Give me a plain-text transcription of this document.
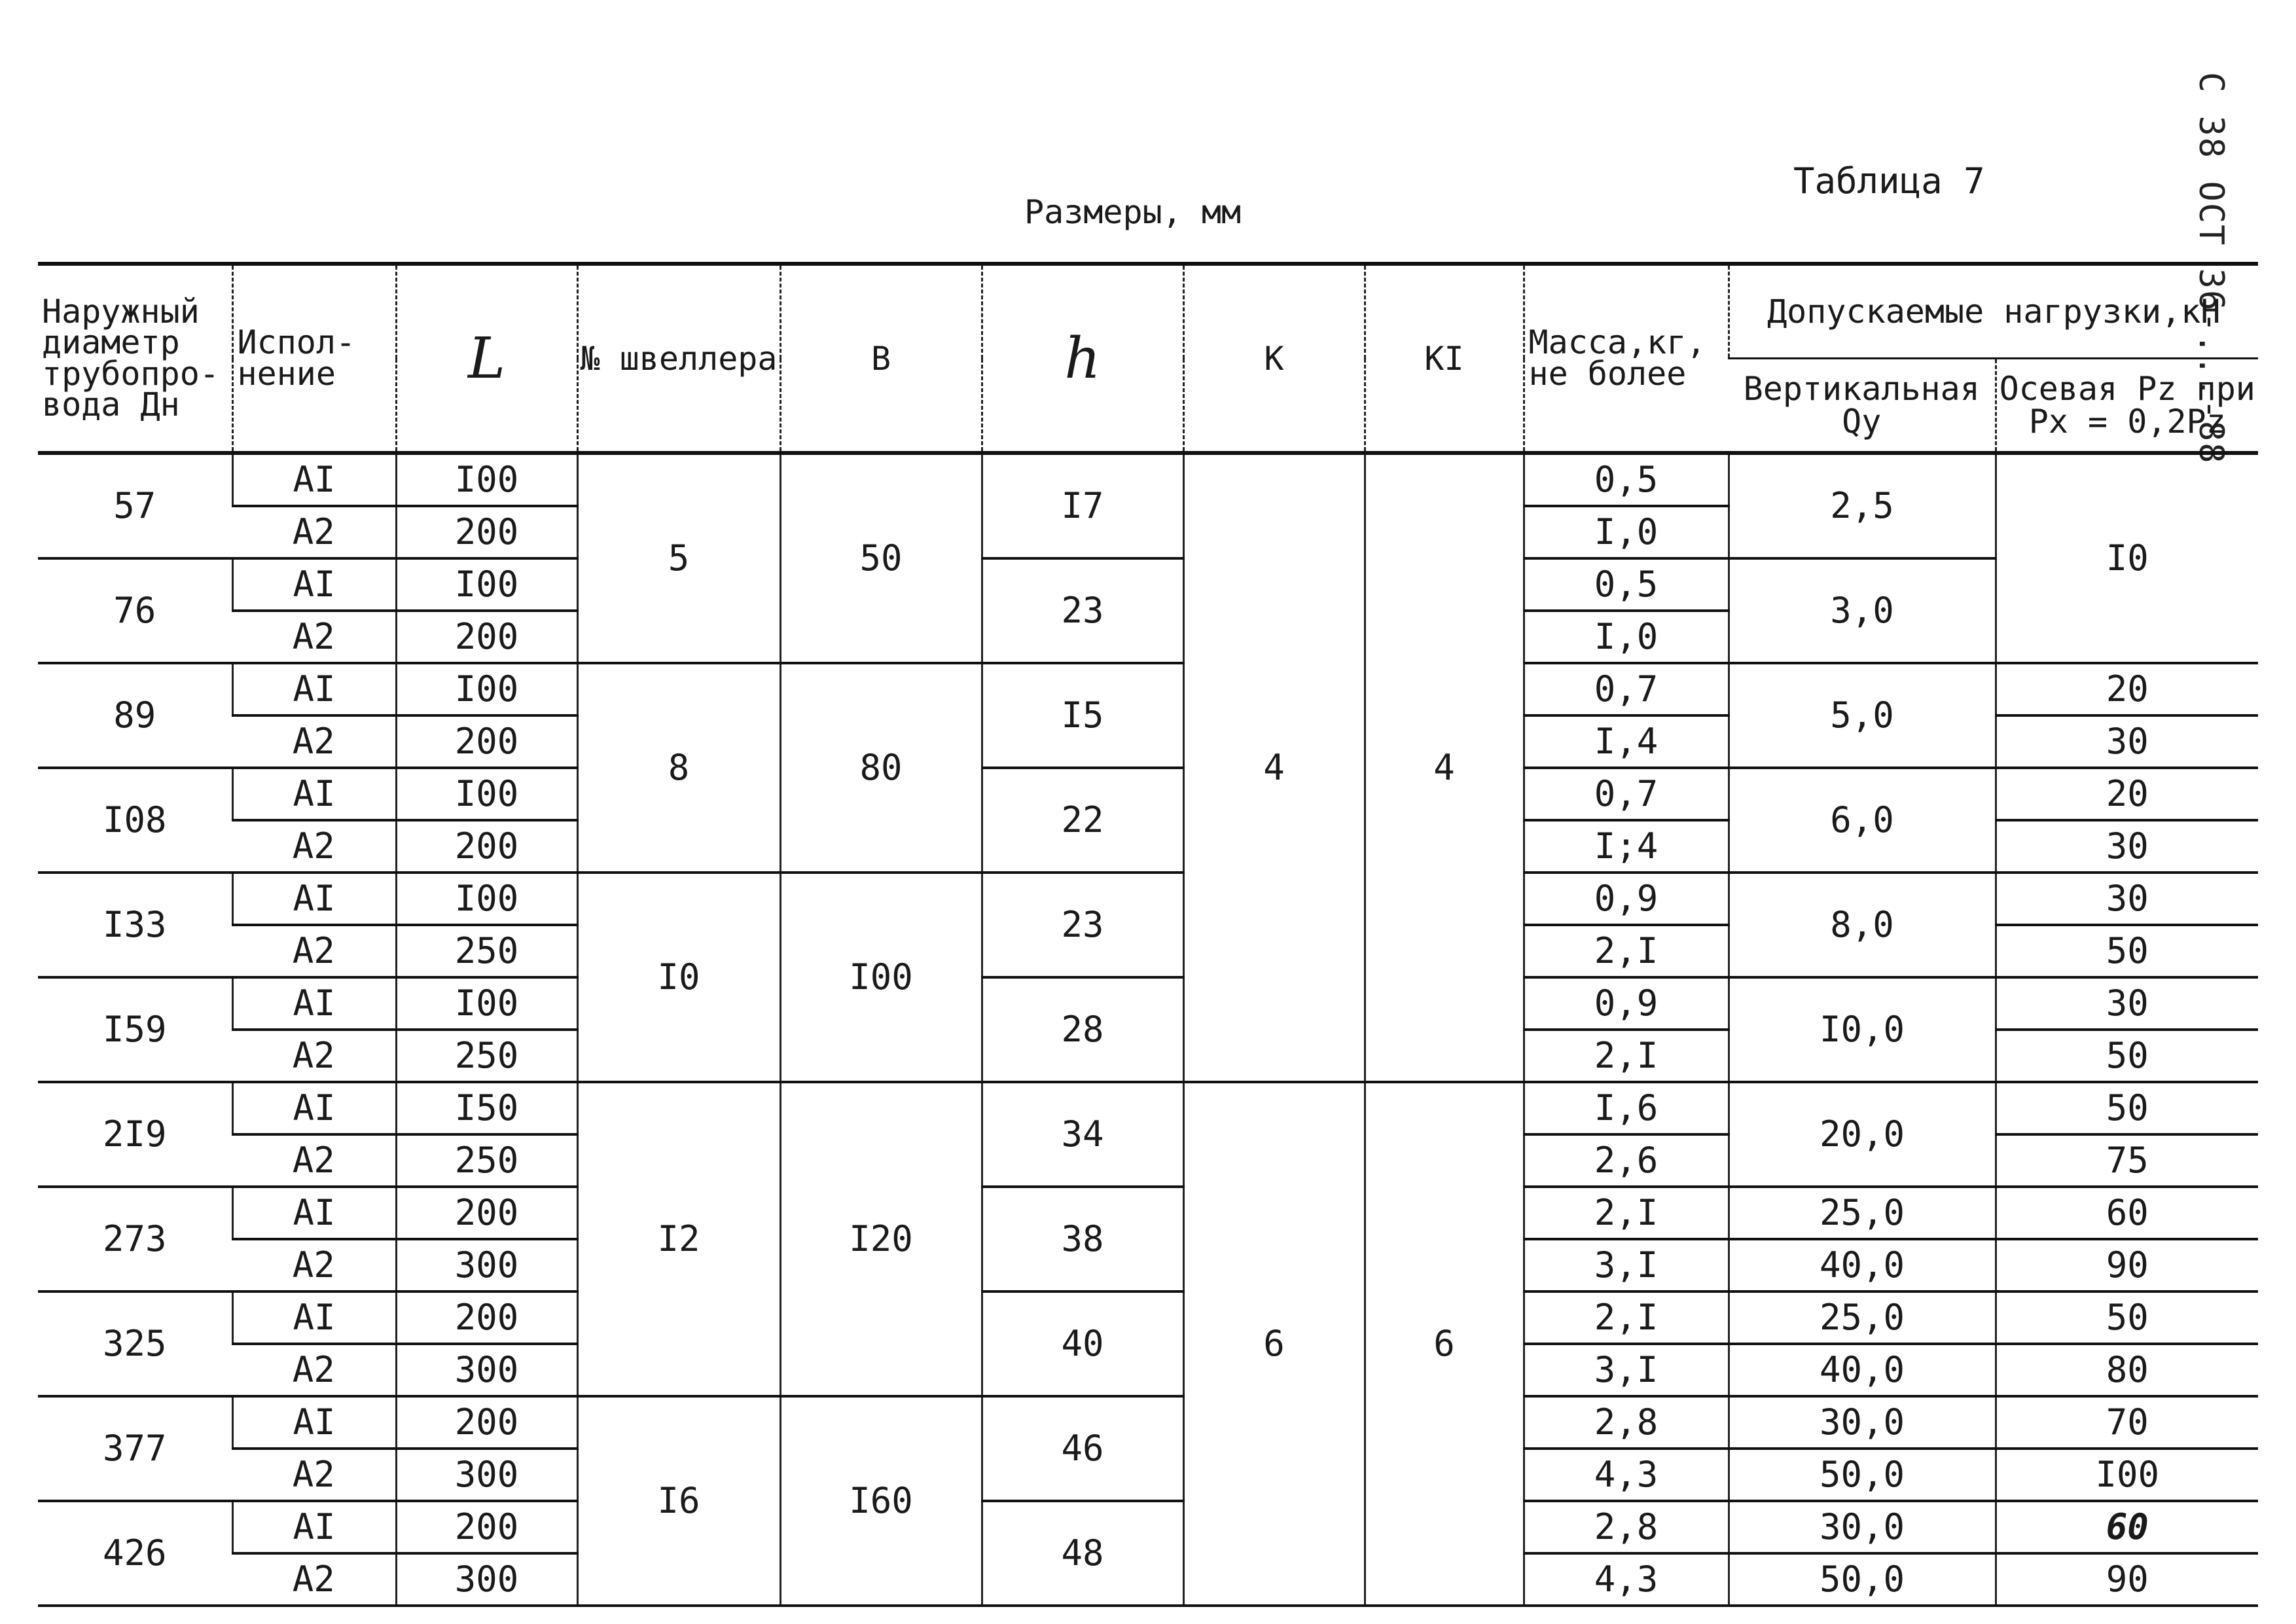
С 38 ОСТ 36-...-88
Таблица 7
Размеры, мм
Наружный диаметр трубопро- вода Дн	Испол- нение	L	№ швеллера	В	h	К	КI	Масса,кг, не более	Допускаемые нагрузки,кН	
									Вертикальная Qy	Осевая Pz при Px = 0,2Pz
57	AI	I00	5	50	I7	4	4	0,5	2,5	I0
	A2	200						I,0		
76	AI	I00			23			0,5	3,0	
	A2	200						I,0		
89	AI	I00	8	80	I5			0,7	5,0	20
	A2	200						I,4		30
I08	AI	I00			22			0,7	6,0	20
	A2	200						I;4		30
I33	AI	I00	I0	I00	23			0,9	8,0	30
	A2	250						2,I		50
I59	AI	I00			28			0,9	I0,0	30
	A2	250						2,I		50
2I9	AI	I50	I2	I20	34	6	6	I,6	20,0	50
	A2	250						2,6		75
273	AI	200			38			2,I	25,0	60
	A2	300						3,I	40,0	90
325	AI	200			40			2,I	25,0	50
	A2	300						3,I	40,0	80
377	AI	200	I6	I60	46			2,8	30,0	70
	A2	300						4,3	50,0	I00
426	AI	200			48			2,8	30,0	60
	A2	300						4,3	50,0	90
